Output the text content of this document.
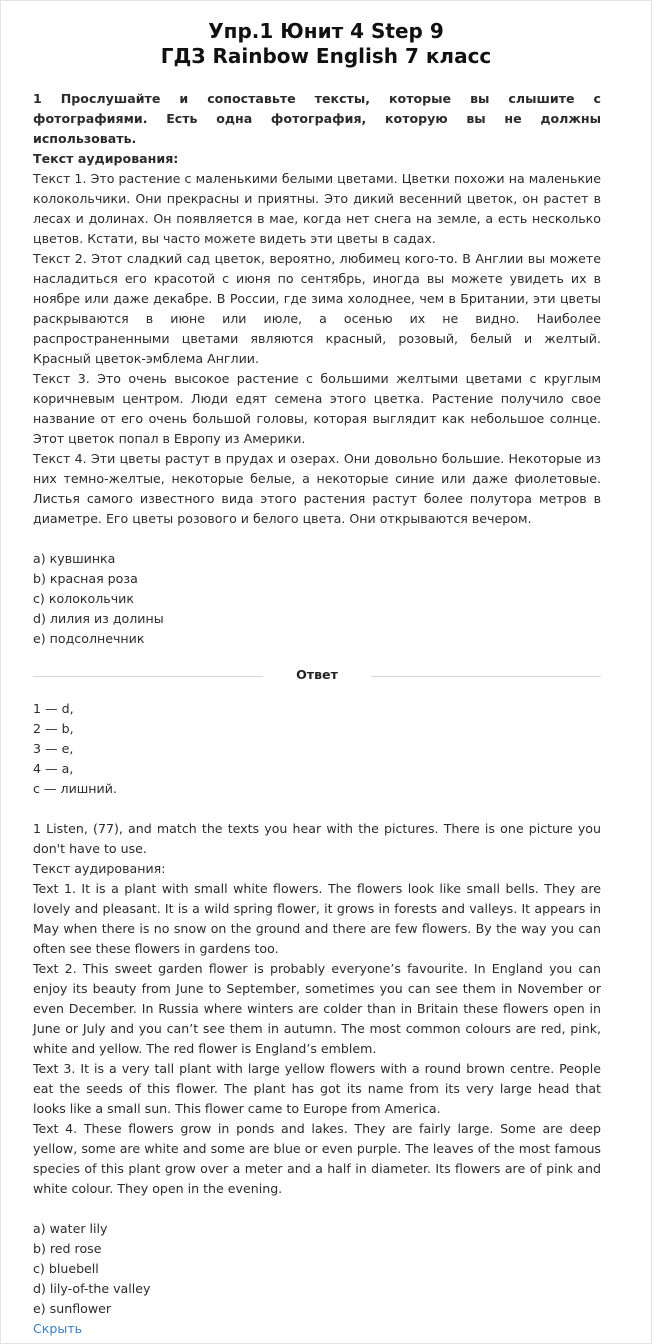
Упр.1 Юнит 4 Step 9
ГДЗ Rainbow English 7 класс

1 Прослушайте и сопоставьте тексты, которые вы слышите с фотографиями. Есть одна фотография, которую вы не должны использовать.

Текст аудирования:

Текст 1. Это растение с маленькими белыми цветами. Цветки похожи на маленькие колокольчики. Они прекрасны и приятны. Это дикий весенний цветок, он растет в лесах и долинах. Он появляется в мае, когда нет снега на земле, а есть несколько цветов. Кстати, вы часто можете видеть эти цветы в садах.

Текст 2. Этот сладкий сад цветок, вероятно, любимец кого-то. В Англии вы можете насладиться его красотой с июня по сентябрь, иногда вы можете увидеть их в ноябре или даже декабре. В России, где зима холоднее, чем в Британии, эти цветы раскрываются в июне или июле, а осенью их не видно. Наиболее распространенными цветами являются красный, розовый, белый и желтый. Красный цветок-эмблема Англии.

Текст 3. Это очень высокое растение с большими желтыми цветами с круглым коричневым центром. Люди едят семена этого цветка. Растение получило свое название от его очень большой головы, которая выглядит как небольшое солнце. Этот цветок попал в Европу из Америки.

Текст 4. Эти цветы растут в прудах и озерах. Они довольно большие. Некоторые из них темно-желтые, некоторые белые, а некоторые синие или даже фиолетовые. Листья самого известного вида этого растения растут более полутора метров в диаметре. Его цветы розового и белого цвета. Они открываются вечером.

a) кувшинка

b) красная роза

c) колокольчик

d) лилия из долины

e) подсолнечник

Ответ

1 — d,

2 — b,

3 — e,

4 — a,

c — лишний.

1 Listen, (77), and match the texts you hear with the pictures. There is one picture you don't have to use.

Текст аудирования:

Text 1. It is a plant with small white flowers. The flowers look like small bells. They are lovely and pleasant. It is a wild spring flower, it grows in forests and valleys. It appears in May when there is no snow on the ground and there are few flowers. By the way you can often see these flowers in gardens too.

Text 2. This sweet garden flower is probably everyone’s favourite. In England you can enjoy its beauty from June to September, sometimes you can see them in November or even December. In Russia where winters are colder than in Britain these flowers open in June or July and you can’t see them in autumn. The most common colours are red, pink, white and yellow. The red flower is England’s emblem.

Text 3. It is a very tall plant with large yellow flowers with a round brown centre. People eat the seeds of this flower. The plant has got its name from its very large head that looks like a small sun. This flower came to Europe from America.

Text 4. These flowers grow in ponds and lakes. They are fairly large. Some are deep yellow, some are white and some are blue or even purple. The leaves of the most famous species of this plant grow over a meter and a half in diameter. Its flowers are of pink and white colour. They open in the evening.

a) water lily

b) red rose

c) bluebell

d) lily-of-the valley

e) sunflower

Скрыть
